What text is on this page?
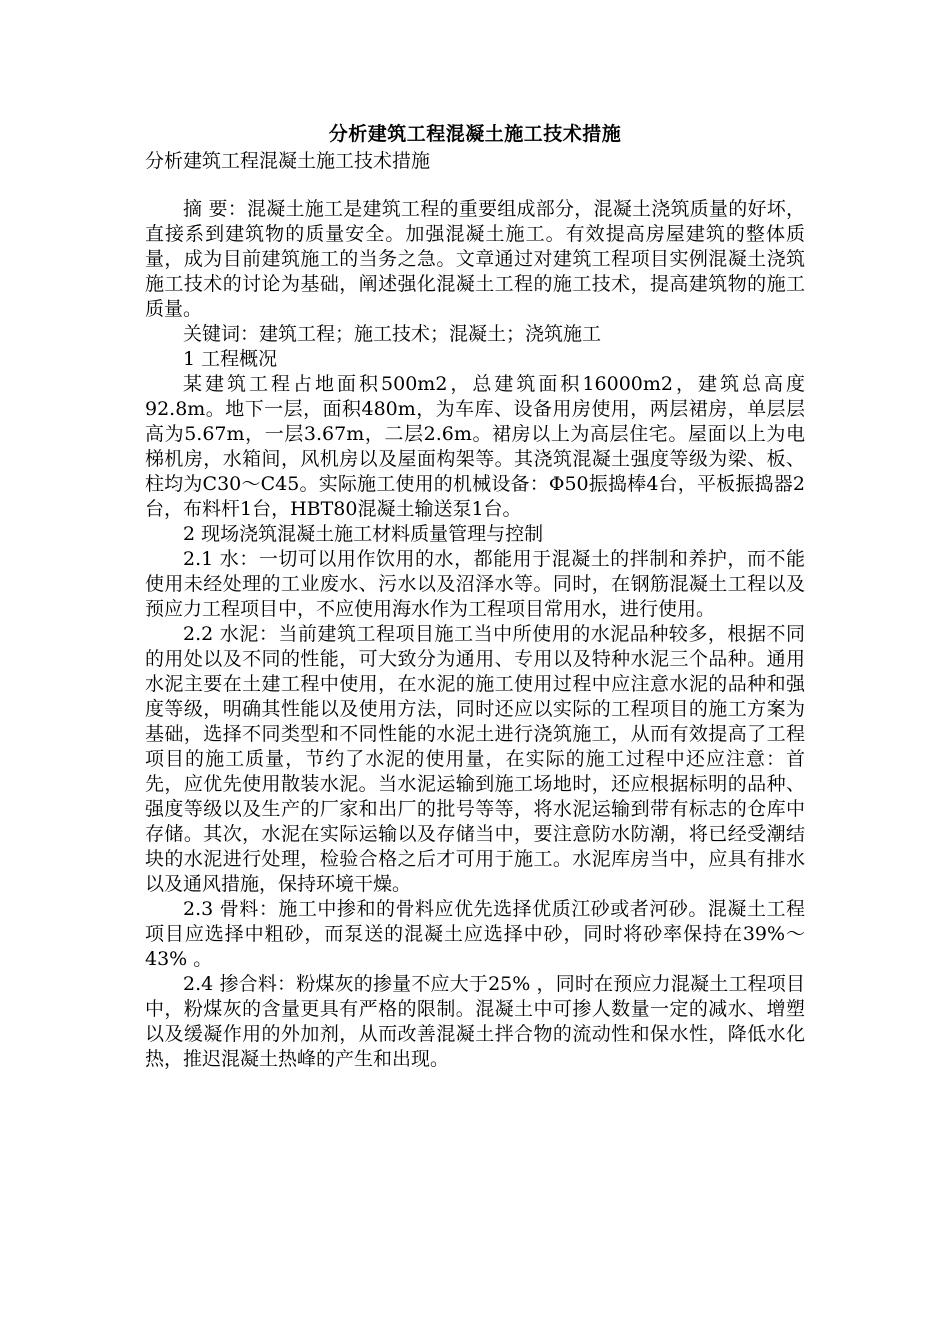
分析建筑工程混凝土施工技术措施

分析建筑工程混凝土施工技术措施

摘 要：混凝土施工是建筑工程的重要组成部分，混凝土浇筑质量的好坏，直接系到建筑物的质量安全。加强混凝土施工。有效提高房屋建筑的整体质量，成为目前建筑施工的当务之急。文章通过对建筑工程项目实例混凝土浇筑施工技术的讨论为基础，阐述强化混凝土工程的施工技术，提高建筑物的施工质量。

关键词：建筑工程；施工技术；混凝土；浇筑施工

1 工程概况

某建筑工程占地面积500m2，总建筑面积16000m2，建筑总高度92.8m。地下一层，面积480m，为车库、设备用房使用，两层裙房，单层层高为5.67m，一层3.67m，二层2.6m。裙房以上为高层住宅。屋面以上为电梯机房，水箱间，风机房以及屋面构架等。其浇筑混凝土强度等级为梁、板、柱均为C30～C45。实际施工使用的机械设备：Φ50振捣棒4台，平板振捣器2台，布料杆1台，HBT80混凝土输送泵1台。

2 现场浇筑混凝土施工材料质量管理与控制

2.1 水：一切可以用作饮用的水，都能用于混凝土的拌制和养护，而不能使用未经处理的工业废水、污水以及沼泽水等。同时，在钢筋混凝土工程以及预应力工程项目中，不应使用海水作为工程项目常用水，进行使用。

2.2 水泥：当前建筑工程项目施工当中所使用的水泥品种较多，根据不同的用处以及不同的性能，可大致分为通用、专用以及特种水泥三个品种。通用水泥主要在土建工程中使用，在水泥的施工使用过程中应注意水泥的品种和强度等级，明确其性能以及使用方法，同时还应以实际的工程项目的施工方案为基础，选择不同类型和不同性能的水泥土进行浇筑施工，从而有效提高了工程项目的施工质量，节约了水泥的使用量，在实际的施工过程中还应注意：首先，应优先使用散装水泥。当水泥运输到施工场地时，还应根据标明的品种、强度等级以及生产的厂家和出厂的批号等等，将水泥运输到带有标志的仓库中存储。其次，水泥在实际运输以及存储当中，要注意防水防潮，将已经受潮结块的水泥进行处理，检验合格之后才可用于施工。水泥库房当中，应具有排水以及通风措施，保持环境干燥。

2.3 骨料：施工中掺和的骨料应优先选择优质江砂或者河砂。混凝土工程项目应选择中粗砂，而泵送的混凝土应选择中砂，同时将砂率保持在39%～43% 。

2.4 掺合料：粉煤灰的掺量不应大于25% ，同时在预应力混凝土工程项目中，粉煤灰的含量更具有严格的限制。混凝土中可掺人数量一定的减水、增塑以及缓凝作用的外加剂，从而改善混凝土拌合物的流动性和保水性，降低水化热，推迟混凝土热峰的产生和出现。
